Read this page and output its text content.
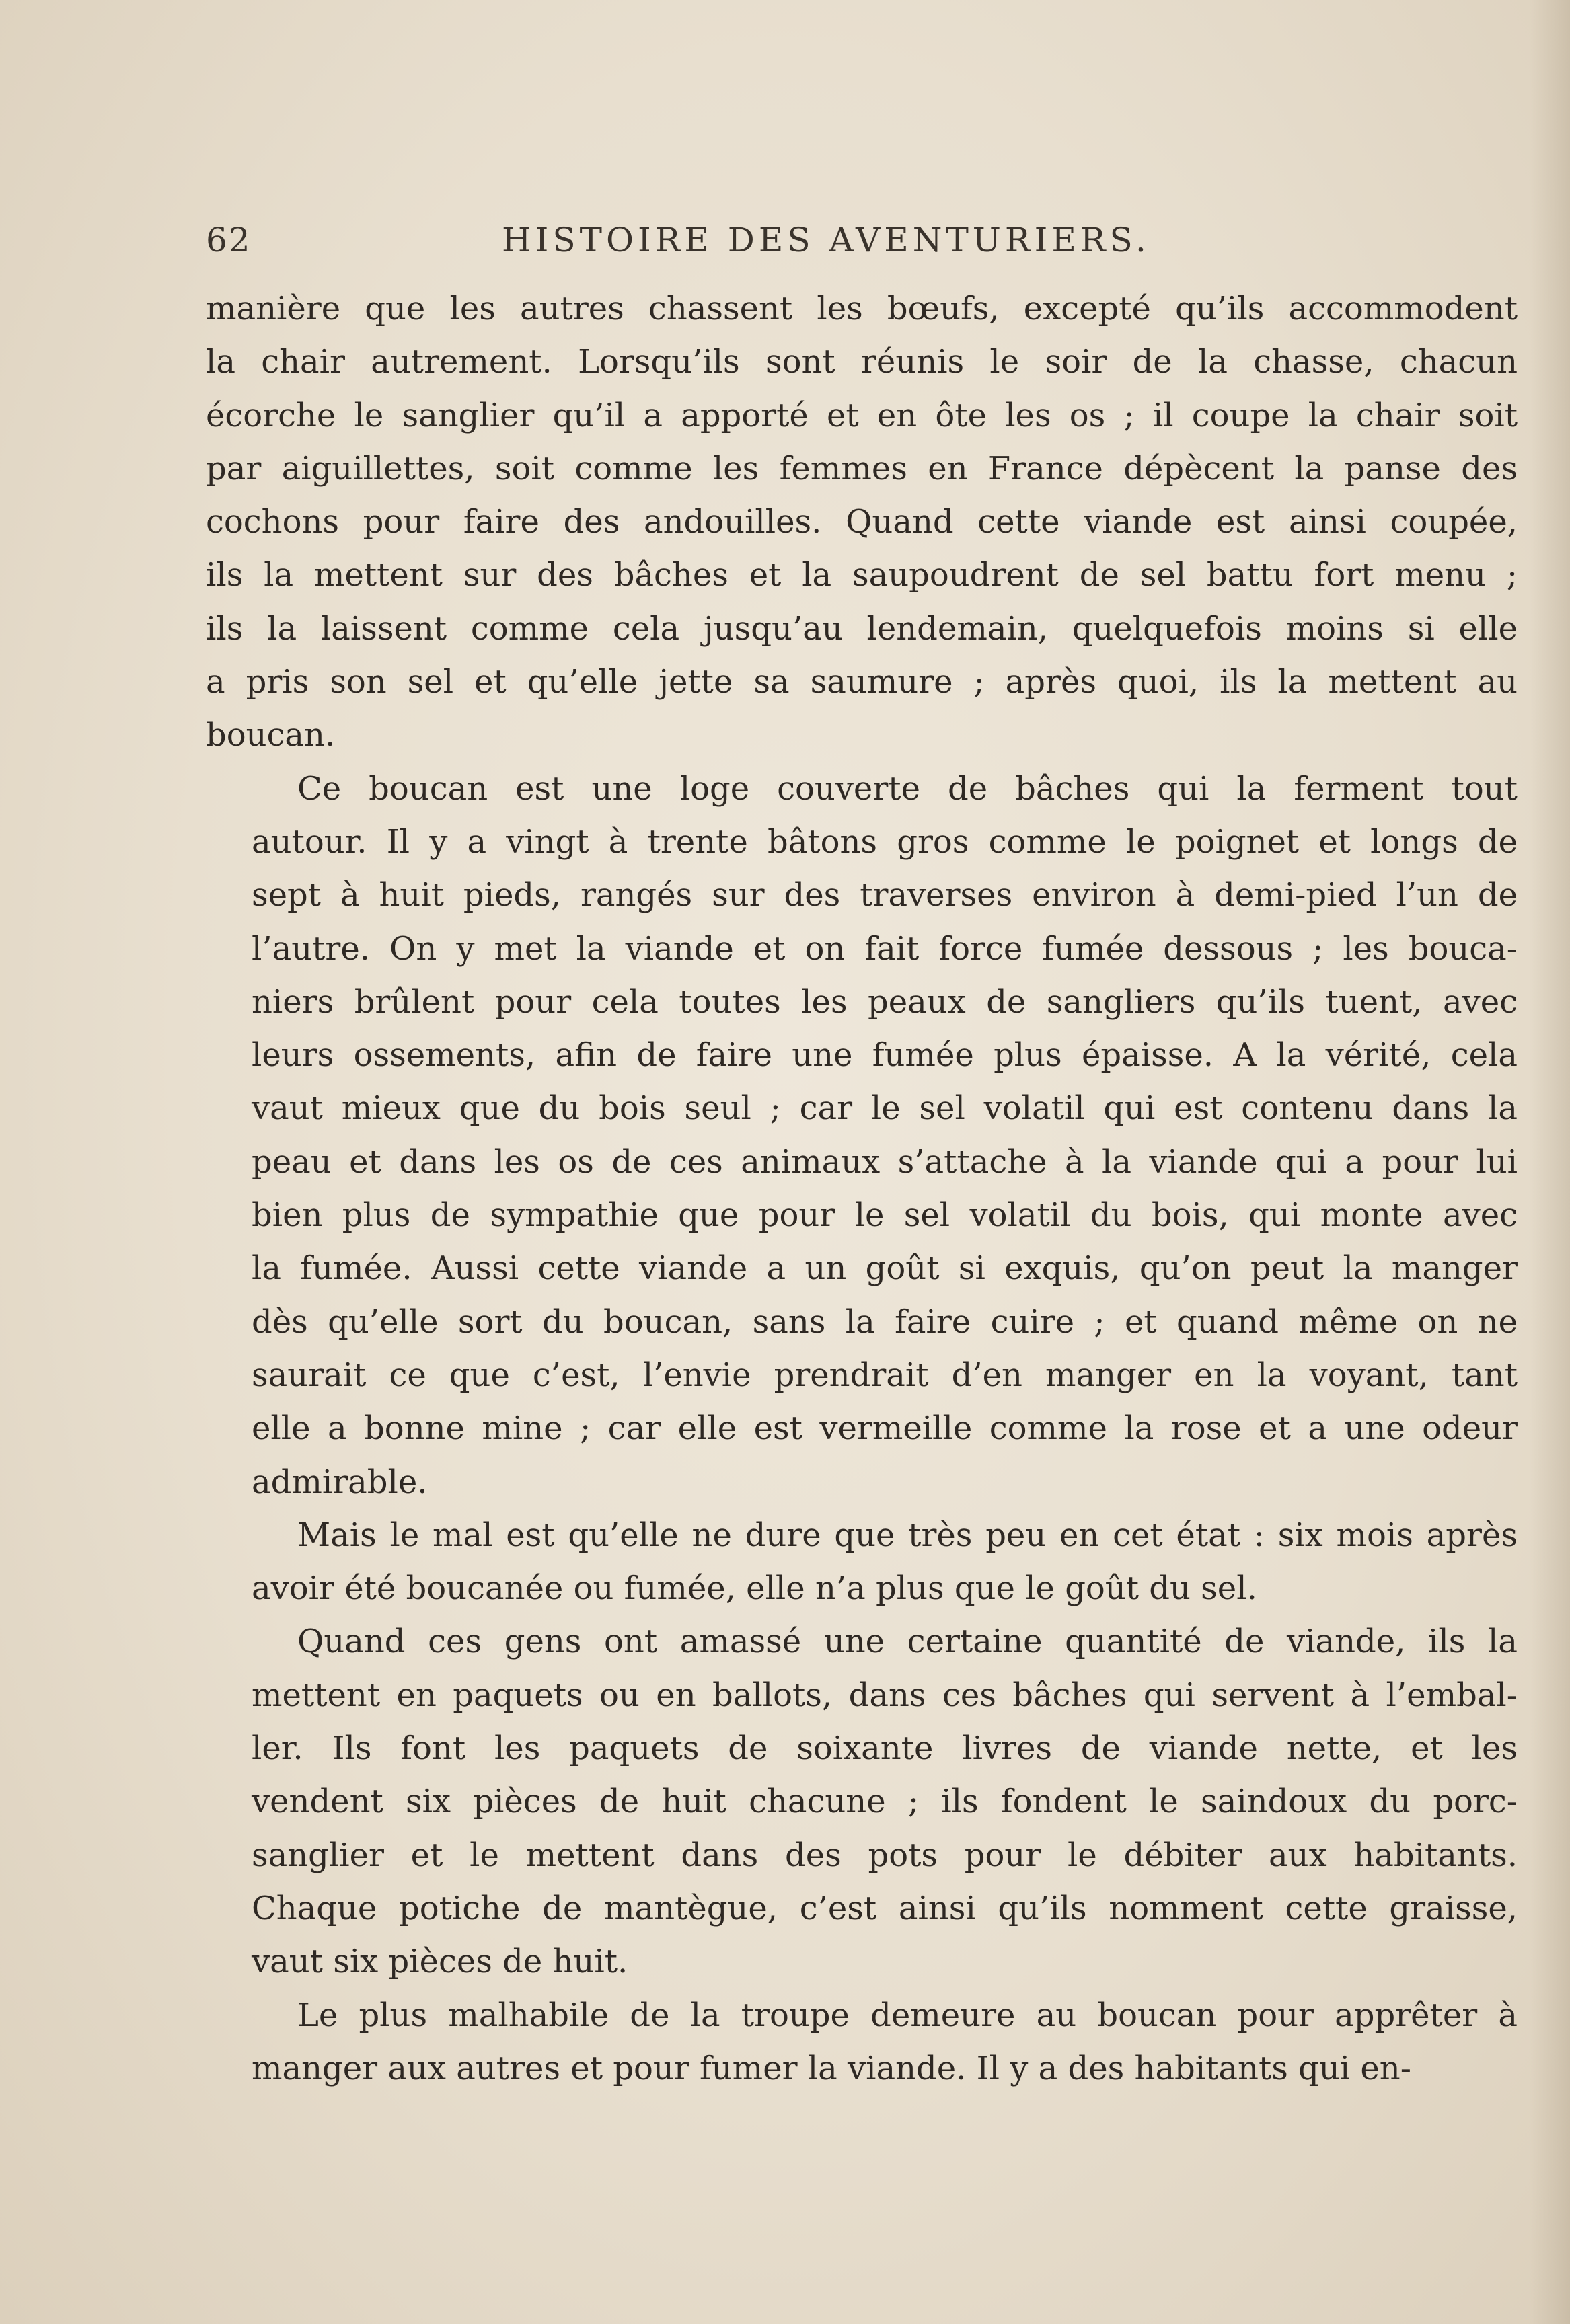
62	HISTOIRE DES AVENTURIERS.

manière que les autres chassent les bœufs, excepté qu’ils accommodent
la chair autrement. Lorsqu’ils sont réunis le soir de la chasse, chacun
écorche le sanglier qu’il a apporté et en ôte les os ; il coupe la chair soit
par aiguillettes, soit comme les femmes en France dépècent la panse des
cochons pour faire des andouilles. Quand cette viande est ainsi coupée,
ils la mettent sur des bâches et la saupoudrent de sel battu fort menu ;
ils la laissent comme cela jusqu’au lendemain, quelquefois moins si elle
a pris son sel et qu’elle jette sa saumure ; après quoi, ils la mettent au
boucan.

Ce boucan est une loge couverte de bâches qui la ferment tout
autour. Il y a vingt à trente bâtons gros comme le poignet et longs de
sept à huit pieds, rangés sur des traverses environ à demi-pied l’un de
l’autre. On y met la viande et on fait force fumée dessous ; les bouca-
niers brûlent pour cela toutes les peaux de sangliers qu’ils tuent, avec
leurs ossements, afin de faire une fumée plus épaisse. A la vérité, cela
vaut mieux que du bois seul ; car le sel volatil qui est contenu dans la
peau et dans les os de ces animaux s’attache à la viande qui a pour lui
bien plus de sympathie que pour le sel volatil du bois, qui monte avec
la fumée. Aussi cette viande a un goût si exquis, qu’on peut la manger
dès qu’elle sort du boucan, sans la faire cuire ; et quand même on ne
saurait ce que c’est, l’envie prendrait d’en manger en la voyant, tant
elle a bonne mine ; car elle est vermeille comme la rose et a une odeur
admirable.

Mais le mal est qu’elle ne dure que très peu en cet état : six mois après
avoir été boucanée ou fumée, elle n’a plus que le goût du sel.

Quand ces gens ont amassé une certaine quantité de viande, ils la
mettent en paquets ou en ballots, dans ces bâches qui servent à l’embal-
ler. Ils font les paquets de soixante livres de viande nette, et les
vendent six pièces de huit chacune ; ils fondent le saindoux du porc-
sanglier et le mettent dans des pots pour le débiter aux habitants.
Chaque potiche de mantègue, c’est ainsi qu’ils nomment cette graisse,
vaut six pièces de huit.

Le plus malhabile de la troupe demeure au boucan pour apprêter à
manger aux autres et pour fumer la viande. Il y a des habitants qui en-
